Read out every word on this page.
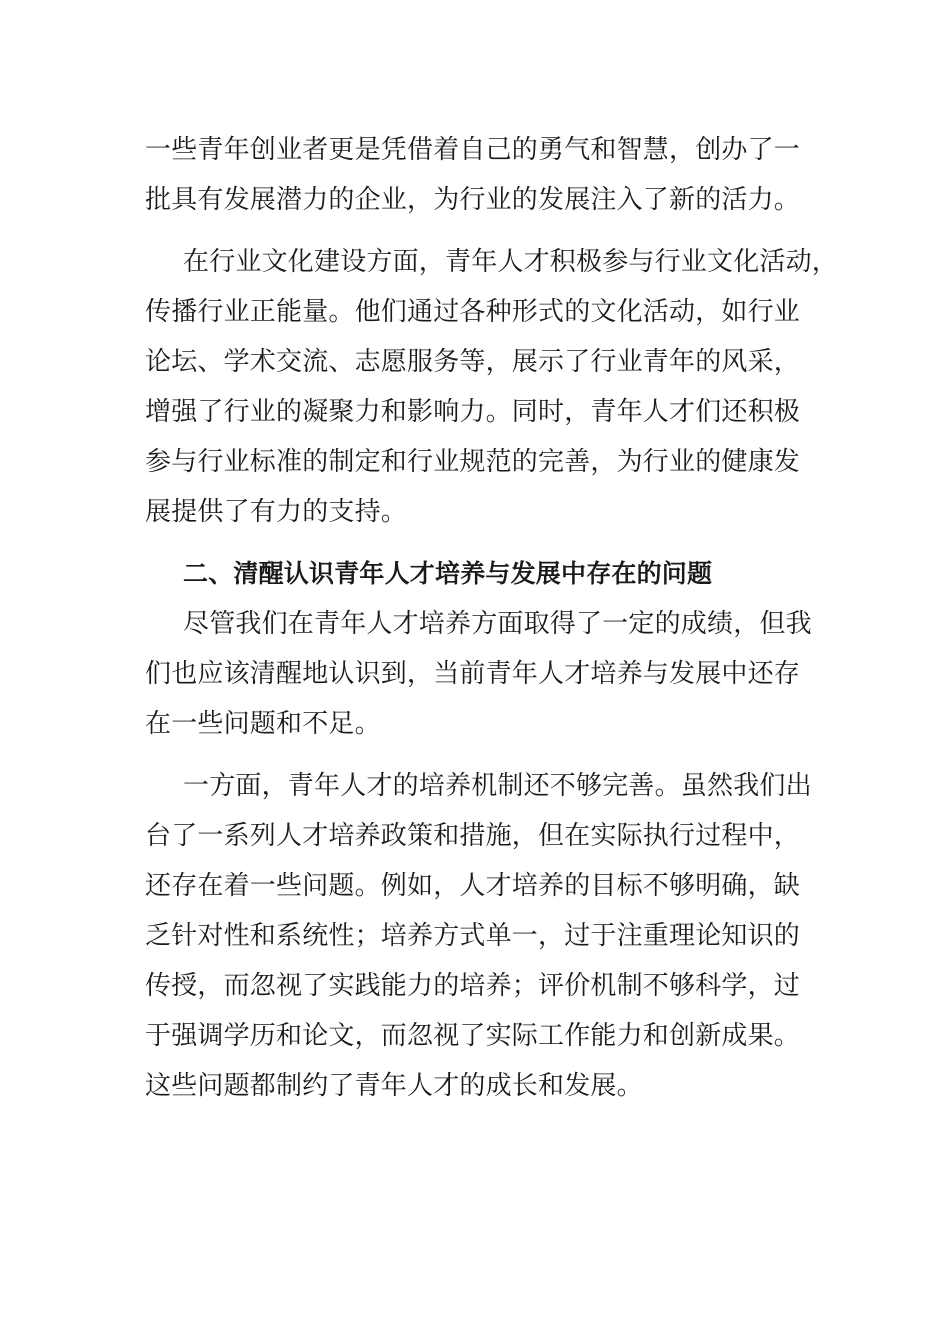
一些青年创业者更是凭借着自己的勇气和智慧，创办了一
批具有发展潜力的企业，为行业的发展注入了新的活力。
在行业文化建设方面，青年人才积极参与行业文化活动，
传播行业正能量。他们通过各种形式的文化活动，如行业
论坛、学术交流、志愿服务等，展示了行业青年的风采，
增强了行业的凝聚力和影响力。同时，青年人才们还积极
参与行业标准的制定和行业规范的完善，为行业的健康发
展提供了有力的支持。
二、清醒认识青年人才培养与发展中存在的问题
尽管我们在青年人才培养方面取得了一定的成绩，但我
们也应该清醒地认识到，当前青年人才培养与发展中还存
在一些问题和不足。
一方面，青年人才的培养机制还不够完善。虽然我们出
台了一系列人才培养政策和措施，但在实际执行过程中，
还存在着一些问题。例如，人才培养的目标不够明确，缺
乏针对性和系统性；培养方式单一，过于注重理论知识的
传授，而忽视了实践能力的培养；评价机制不够科学，过
于强调学历和论文，而忽视了实际工作能力和创新成果。
这些问题都制约了青年人才的成长和发展。
